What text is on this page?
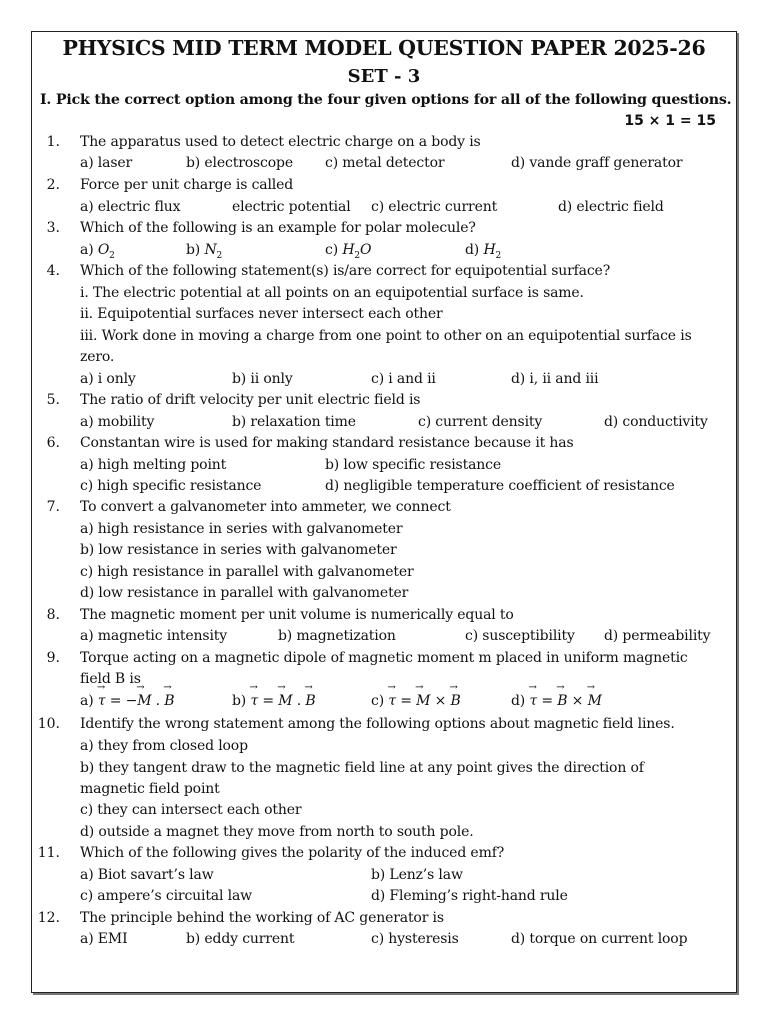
PHYSICS MID TERM MODEL QUESTION PAPER 2025-26
SET - 3
I. Pick the correct option among the four given options for all of the following questions.
15 × 1 = 15
1. The apparatus used to detect electric charge on a body is
a) laser	b) electroscope c) metal detector	d) vande graff generator
2. Force per unit charge is called
a) electric flux	electric potential c) electric current	d) electric field
3. Which of the following is an example for polar molecule?
a) $O_2$	b) $N_2$	c) $H_2O$	d) $H_2$
4. Which of the following statement(s) is/are correct for equipotential surface?
i. The electric potential at all points on an equipotential surface is same.
ii. Equipotential surfaces never intersect each other
iii. Work done in moving a charge from one point to other on an equipotential surface is
zero.
a) i only	b) ii only	c) i and ii	d) i, ii and iii
5. The ratio of drift velocity per unit electric field is
a) mobility	b) relaxation time	c) current density	d) conductivity
6. Constantan wire is used for making standard resistance because it has
a) high melting point	b) low specific resistance
c) high specific resistance	d) negligible temperature coefficient of resistance
7. To convert a galvanometer into ammeter, we connect
a) high resistance in series with galvanometer
b) low resistance in series with galvanometer
c) high resistance in parallel with galvanometer
d) low resistance in parallel with galvanometer
8. The magnetic moment per unit volume is numerically equal to
a) magnetic intensity	b) magnetization	c) susceptibility d) permeability
9. Torque acting on a magnetic dipole of magnetic moment m placed in uniform magnetic
field B is
a) → τ = −→ M . → B	b) → τ = → M . → B	c) → τ = → M × → B	d) → τ = → B × → M
10. Identify the wrong statement among the following options about magnetic field lines.
a) they from closed loop
b) they tangent draw to the magnetic field line at any point gives the direction of
magnetic field point
c) they can intersect each other
d) outside a magnet they move from north to south pole.
11. Which of the following gives the polarity of the induced emf?
a) Biot savart’s law	b) Lenz’s law
c) ampere’s circuital law	d) Fleming’s right-hand rule
12. The principle behind the working of AC generator is
a) EMI	b) eddy current	c) hysteresis	d) torque on current loop
